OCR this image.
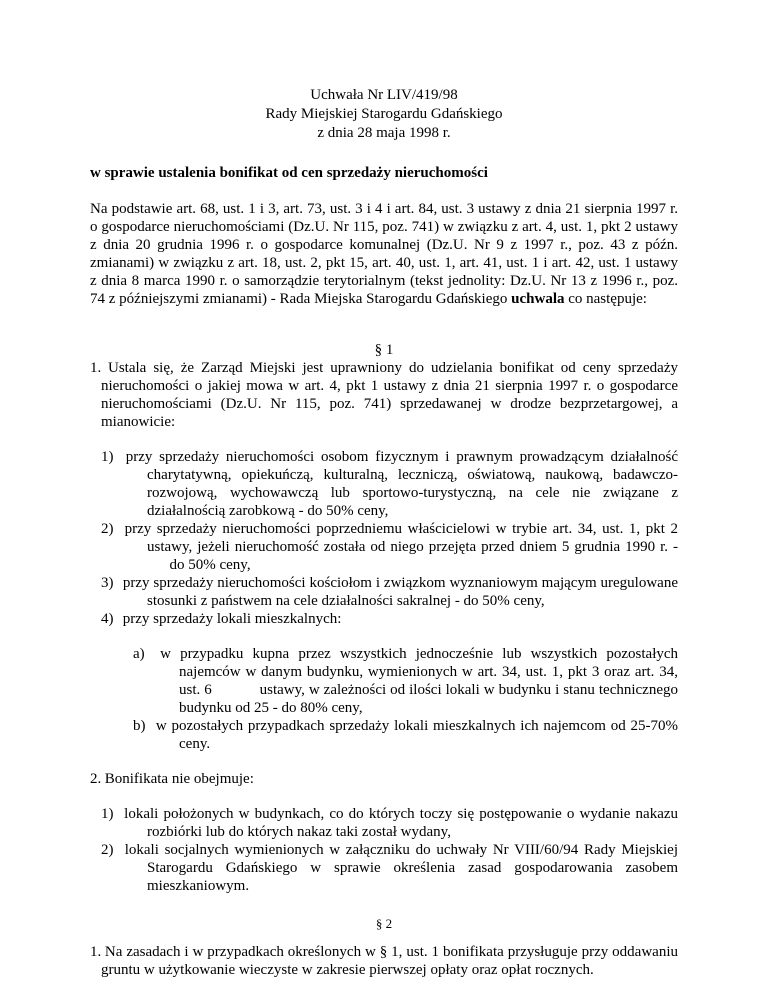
Uchwała Nr LIV/419/98
Rady Miejskiej Starogardu Gdańskiego
z dnia 28 maja 1998 r.
w sprawie ustalenia bonifikat od cen sprzedaży nieruchomości
Na podstawie art. 68, ust. 1 i 3, art. 73, ust. 3 i 4 i art. 84, ust. 3 ustawy z dnia 21 sierpnia 1997 r. o gospodarce nieruchomościami (Dz.U. Nr 115, poz. 741) w związku z art. 4, ust. 1, pkt 2 ustawy z dnia 20 grudnia 1996 r. o gospodarce komunalnej (Dz.U. Nr 9 z 1997 r., poz. 43 z późn. zmianami) w związku z art. 18, ust. 2, pkt 15, art. 40, ust. 1, art. 41, ust. 1 i art. 42, ust. 1 ustawy z dnia 8 marca 1990 r. o samorządzie terytorialnym (tekst jednolity: Dz.U. Nr 13 z 1996 r., poz. 74 z późniejszymi zmianami) - Rada Miejska Starogardu Gdańskiego uchwala co następuje:
§ 1
1. Ustala się, że Zarząd Miejski jest uprawniony do udzielania bonifikat od ceny sprzedaży nieruchomości o jakiej mowa w art. 4, pkt 1 ustawy z dnia 21 sierpnia 1997 r. o gospodarce nieruchomościami (Dz.U. Nr 115, poz. 741) sprzedawanej w drodze bezprzetargowej, a mianowicie:
1) przy sprzedaży nieruchomości osobom fizycznym i prawnym prowadzącym działalność charytatywną, opiekuńczą, kulturalną, leczniczą, oświatową, naukową, badawczo-rozwojową, wychowawczą lub sportowo-turystyczną, na cele nie związane z działalnością zarobkową - do 50% ceny,
2) przy sprzedaży nieruchomości poprzedniemu właścicielowi w trybie art. 34, ust. 1, pkt 2 ustawy, jeżeli nieruchomość została od niego przejęta przed dniem 5 grudnia 1990 r. -      do 50% ceny,
3) przy sprzedaży nieruchomości kościołom i związkom wyznaniowym mającym uregulowane stosunki z państwem na cele działalności sakralnej - do 50% ceny,
4) przy sprzedaży lokali mieszkalnych:
a) w przypadku kupna przez wszystkich jednocześnie lub wszystkich pozostałych najemców w danym budynku, wymienionych w art. 34, ust. 1, pkt 3 oraz art. 34, ust. 6            ustawy, w zależności od ilości lokali w budynku i stanu technicznego budynku od 25 - do 80% ceny,
b) w pozostałych przypadkach sprzedaży lokali mieszkalnych ich najemcom od 25-70% ceny.
2. Bonifikata nie obejmuje:
1) lokali położonych w budynkach, co do których toczy się postępowanie o wydanie nakazu rozbiórki lub do których nakaz taki został wydany,
2) lokali socjalnych wymienionych w załączniku do uchwały Nr VIII/60/94 Rady Miejskiej Starogardu Gdańskiego w sprawie określenia zasad gospodarowania zasobem mieszkaniowym.
§ 2
1. Na zasadach i w przypadkach określonych w § 1, ust. 1 bonifikata przysługuje przy oddawaniu gruntu w użytkowanie wieczyste w zakresie pierwszej opłaty oraz opłat rocznych.
